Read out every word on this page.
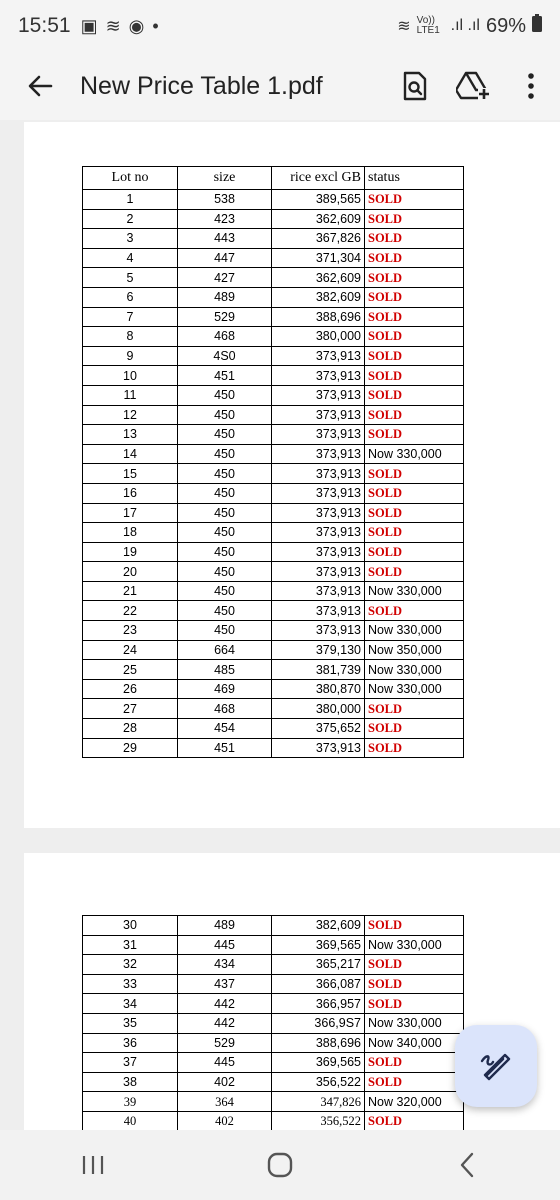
15:51 ▣ ≋ ◉ •	≋ Vo)) LTE1 .ıl .ıl 69%
New Price Table 1.pdf
Lot no	size	rice excl GB	status
1	538	389,565	SOLD
2	423	362,609	SOLD
3	443	367,826	SOLD
4	447	371,304	SOLD
5	427	362,609	SOLD
6	489	382,609	SOLD
7	529	388,696	SOLD
8	468	380,000	SOLD
9	4S0	373,913	SOLD
10	451	373,913	SOLD
11	450	373,913	SOLD
12	450	373,913	SOLD
13	450	373,913	SOLD
14	450	373,913	Now 330,000
15	450	373,913	SOLD
16	450	373,913	SOLD
17	450	373,913	SOLD
18	450	373,913	SOLD
19	450	373,913	SOLD
20	450	373,913	SOLD
21	450	373,913	Now 330,000
22	450	373,913	SOLD
23	450	373,913	Now 330,000
24	664	379,130	Now 350,000
25	485	381,739	Now 330,000
26	469	380,870	Now 330,000
27	468	380,000	SOLD
28	454	375,652	SOLD
29	451	373,913	SOLD
30	489	382,609	SOLD
31	445	369,565	Now 330,000
32	434	365,217	SOLD
33	437	366,087	SOLD
34	442	366,957	SOLD
35	442	366,9S7	Now 330,000
36	529	388,696	Now 340,000
37	445	369,565	SOLD
38	402	356,522	SOLD
39	364	347,826	Now 320,000
40	402	356,522	SOLD
